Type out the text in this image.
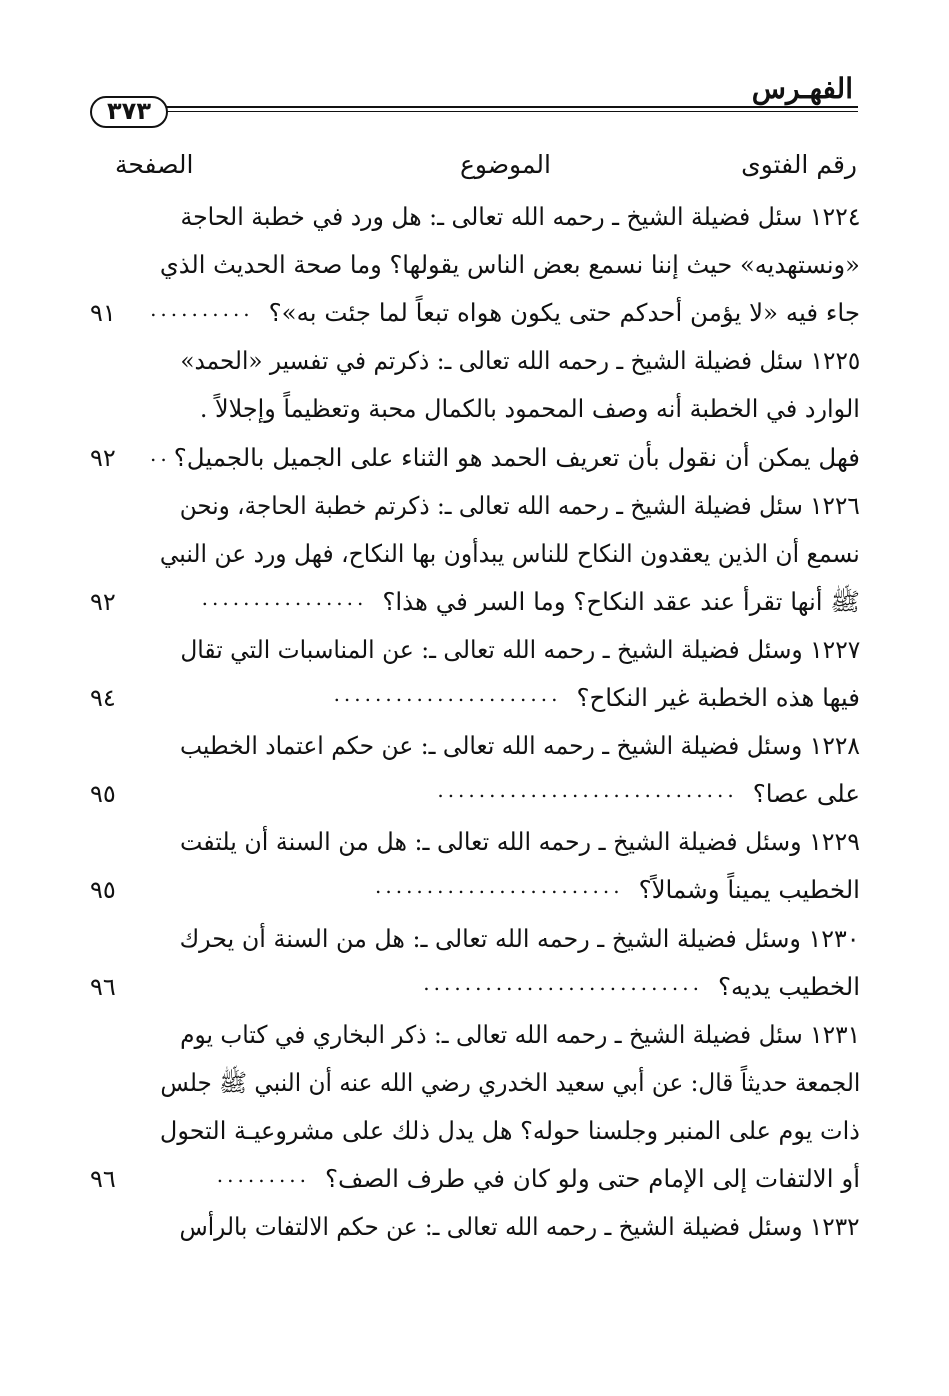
الفهـرس
٣٧٣
رقم الفتوى
الموضوع
الصفحة
١٢٢٤ سئل فضيلة الشيخ ـ رحمه الله تعالى ـ: هل ورد في خطبة الحاجة
«ونستهديه» حيث إننا نسمع بعض الناس يقولها؟ وما صحة الحديث الذي
جاء فيه «لا يؤمن أحدكم حتى يكون هواه تبعاً لما جئت به»؟
..........
٩١
١٢٢٥ سئل فضيلة الشيخ ـ رحمه الله تعالى ـ: ذكرتم في تفسير «الحمد»
الوارد في الخطبة أنه وصف المحمود بالكمال محبة وتعظيماً وإجلالاً .
فهل يمكن أن نقول بأن تعريف الحمد هو الثناء على الجميل بالجميل؟
..
٩٢
١٢٢٦ سئل فضيلة الشيخ ـ رحمه الله تعالى ـ: ذكرتم خطبة الحاجة، ونحن
نسمع أن الذين يعقدون النكاح للناس يبدأون بها النكاح، فهل ورد عن النبي
ﷺ أنها تقرأ عند عقد النكاح؟ وما السر في هذا؟
................
٩٢
١٢٢٧ وسئل فضيلة الشيخ ـ رحمه الله تعالى ـ: عن المناسبات التي تقال
فيها هذه الخطبة غير النكاح؟
......................
٩٤
١٢٢٨ وسئل فضيلة الشيخ ـ رحمه الله تعالى ـ: عن حكم اعتماد الخطيب
على عصا؟
.............................
٩٥
١٢٢٩ وسئل فضيلة الشيخ ـ رحمه الله تعالى ـ: هل من السنة أن يلتفت
الخطيب يميناً وشمالاً؟
........................
٩٥
١٢٣٠ وسئل فضيلة الشيخ ـ رحمه الله تعالى ـ: هل من السنة أن يحرك
الخطيب يديه؟
...........................
٩٦
١٢٣١ سئل فضيلة الشيخ ـ رحمه الله تعالى ـ: ذكر البخاري في كتاب يوم
الجمعة حديثاً قال: عن أبي سعيد الخدري رضي الله عنه أن النبي ﷺ جلس
ذات يوم على المنبر وجلسنا حوله؟ هل يدل ذلك على مشروعيـة التحول
أو الالتفات إلى الإمام حتى ولو كان في طرف الصف؟
.........
٩٦
١٢٣٢ وسئل فضيلة الشيخ ـ رحمه الله تعالى ـ: عن حكم الالتفات بالرأس
